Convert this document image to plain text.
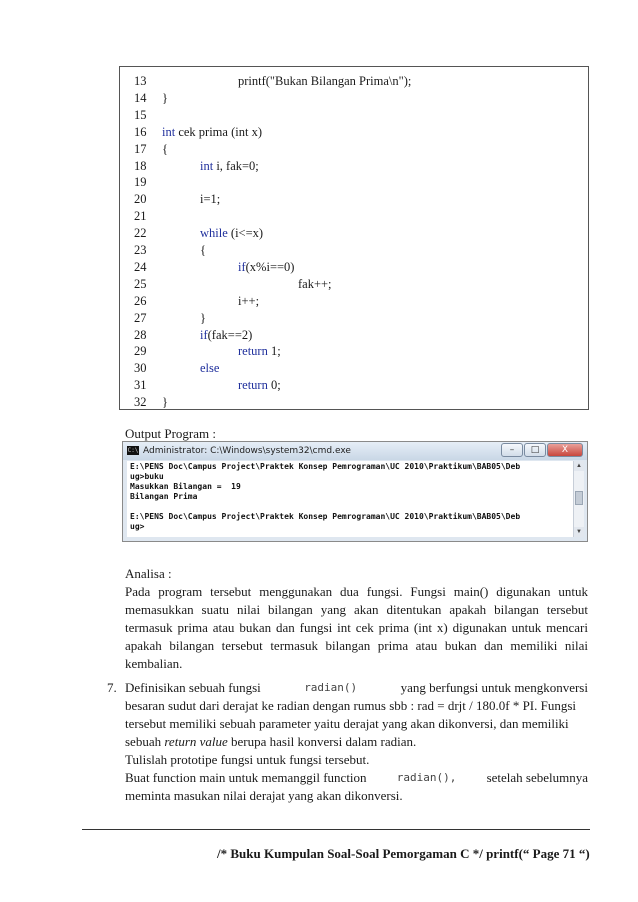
13	printf("Bukan Bilangan Prima\n");
14 }
15
16 int cek prima (int x)
17 {
18	int i, fak=0;
19
20	i=1;
21
22	while (i<=x)
23	{
24	if(x%i==0)
25	fak++;
26	i++;
27	}
28	if(fak==2)
29	return 1;
30	else
31	return 0;
32 }
Output Program :
C:\ Administrator: C:\Windows\system32\cmd.exe	–	□	X
E:\PENS Doc\Campus Project\Praktek Konsep Pemrograman\UC 2010\Praktikum\BAB05\Deb
ug>buku
Masukkan Bilangan =  19
Bilangan Prima
E:\PENS Doc\Campus Project\Praktek Konsep Pemrograman\UC 2010\Praktikum\BAB05\Deb
ug>
▲
▼
Analisa :
Pada program tersebut menggunakan dua fungsi. Fungsi main() digunakan untuk
memasukkan suatu nilai bilangan yang akan ditentukan apakah bilangan tersebut
termasuk prima atau bukan dan fungsi int cek prima (int x) digunakan untuk mencari
apakah bilangan tersebut termasuk bilangan prima atau bukan dan memiliki nilai
kembalian.
7. Definisikan sebuah fungsi	radian()	yang berfungsi untuk mengkonversi
besaran sudut dari derajat ke radian dengan rumus sbb : rad = drjt / 180.0f * PI. Fungsi
tersebut memiliki sebuah parameter yaitu derajat yang akan dikonversi, dan memiliki
sebuah return value berupa hasil konversi dalam radian.
Tulislah prototipe fungsi untuk fungsi tersebut.
Buat function main untuk memanggil function	radian(), setelah sebelumnya
meminta masukan nilai derajat yang akan dikonversi.
/* Buku Kumpulan Soal-Soal Pemorgaman C */ printf(“ Page 71 “)
